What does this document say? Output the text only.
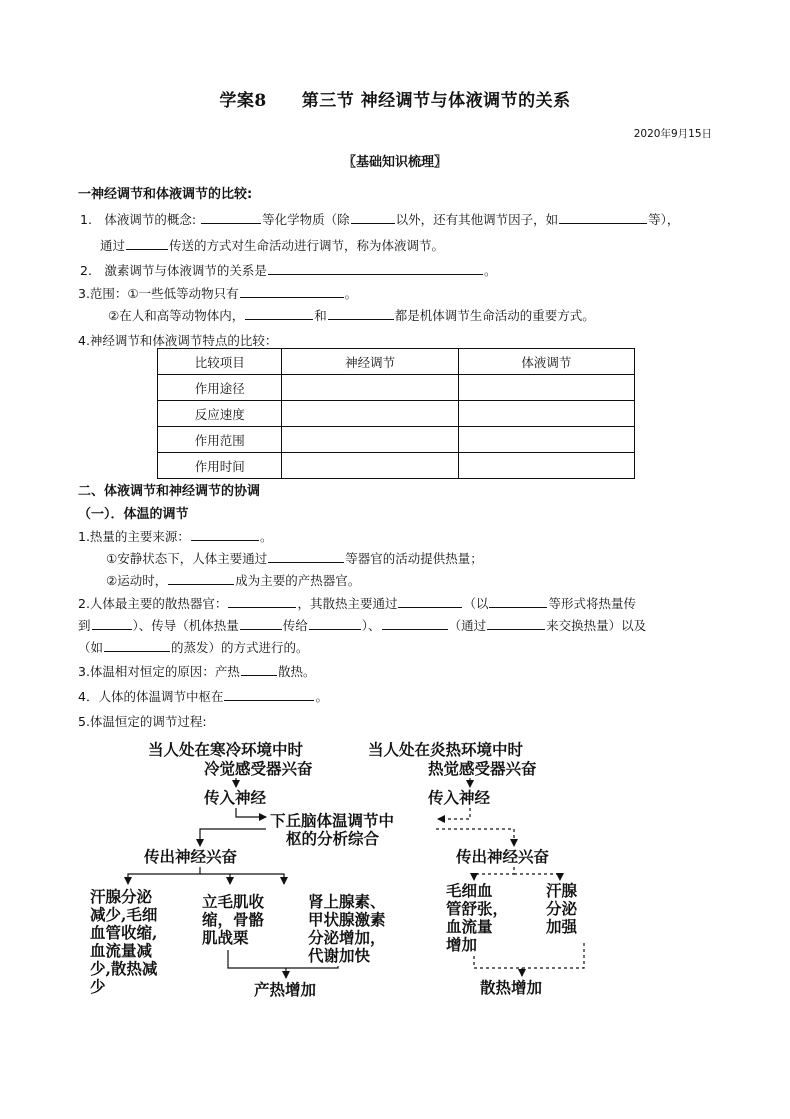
学案8　　第三节 神经调节与体液调节的关系
2020年9月15日
〖基础知识梳理〗
一神经调节和体液调节的比较:
1.　体液调节的概念:	等化学物质（除	以外，还有其他调节因子，如	等），
通过	传送的方式对生命活动进行调节，称为体液调节。
2.　激素调节与体液调节的关系是	。
3.范围：①一些低等动物只有	。
②在人和高等动物体内，	和	都是机体调节生命活动的重要方式。
4.神经调节和体液调节特点的比较：
比较项目	神经调节	体液调节
作用途径		
反应速度		
作用范围		
作用时间		
二、体液调节和神经调节的协调
（一）．体温的调节
1.热量的主要来源：	。
①安静状态下，人体主要通过	等器官的活动提供热量；
②运动时，	成为主要的产热器官。
2.人体最主要的散热器官：	，其散热主要通过	（以	等形式将热量传
到	）、传导（机体热量	传给	）、	（通过	来交换热量）以及
（如	的蒸发）的方式进行的。
3.体温相对恒定的原因：产热	散热。
4．人体的体温调节中枢在	。
5.体温恒定的调节过程:
当人处在寒冷环境中时
冷觉感受器兴奋
当人处在炎热环境中时
热觉感受器兴奋
传入神经	传入神经
下丘脑体温调节中
枢的分析综合
传出神经兴奋	传出神经兴奋
汗腺分泌
减少,毛细
血管收缩,
血流量减
少,散热减
少
立毛肌收
缩，骨骼
肌战栗
肾上腺素、
甲状腺激素
分泌增加，
代谢加快
毛细血
管舒张，
血流量
增加
汗腺
分泌
加强
产热增加	散热增加
